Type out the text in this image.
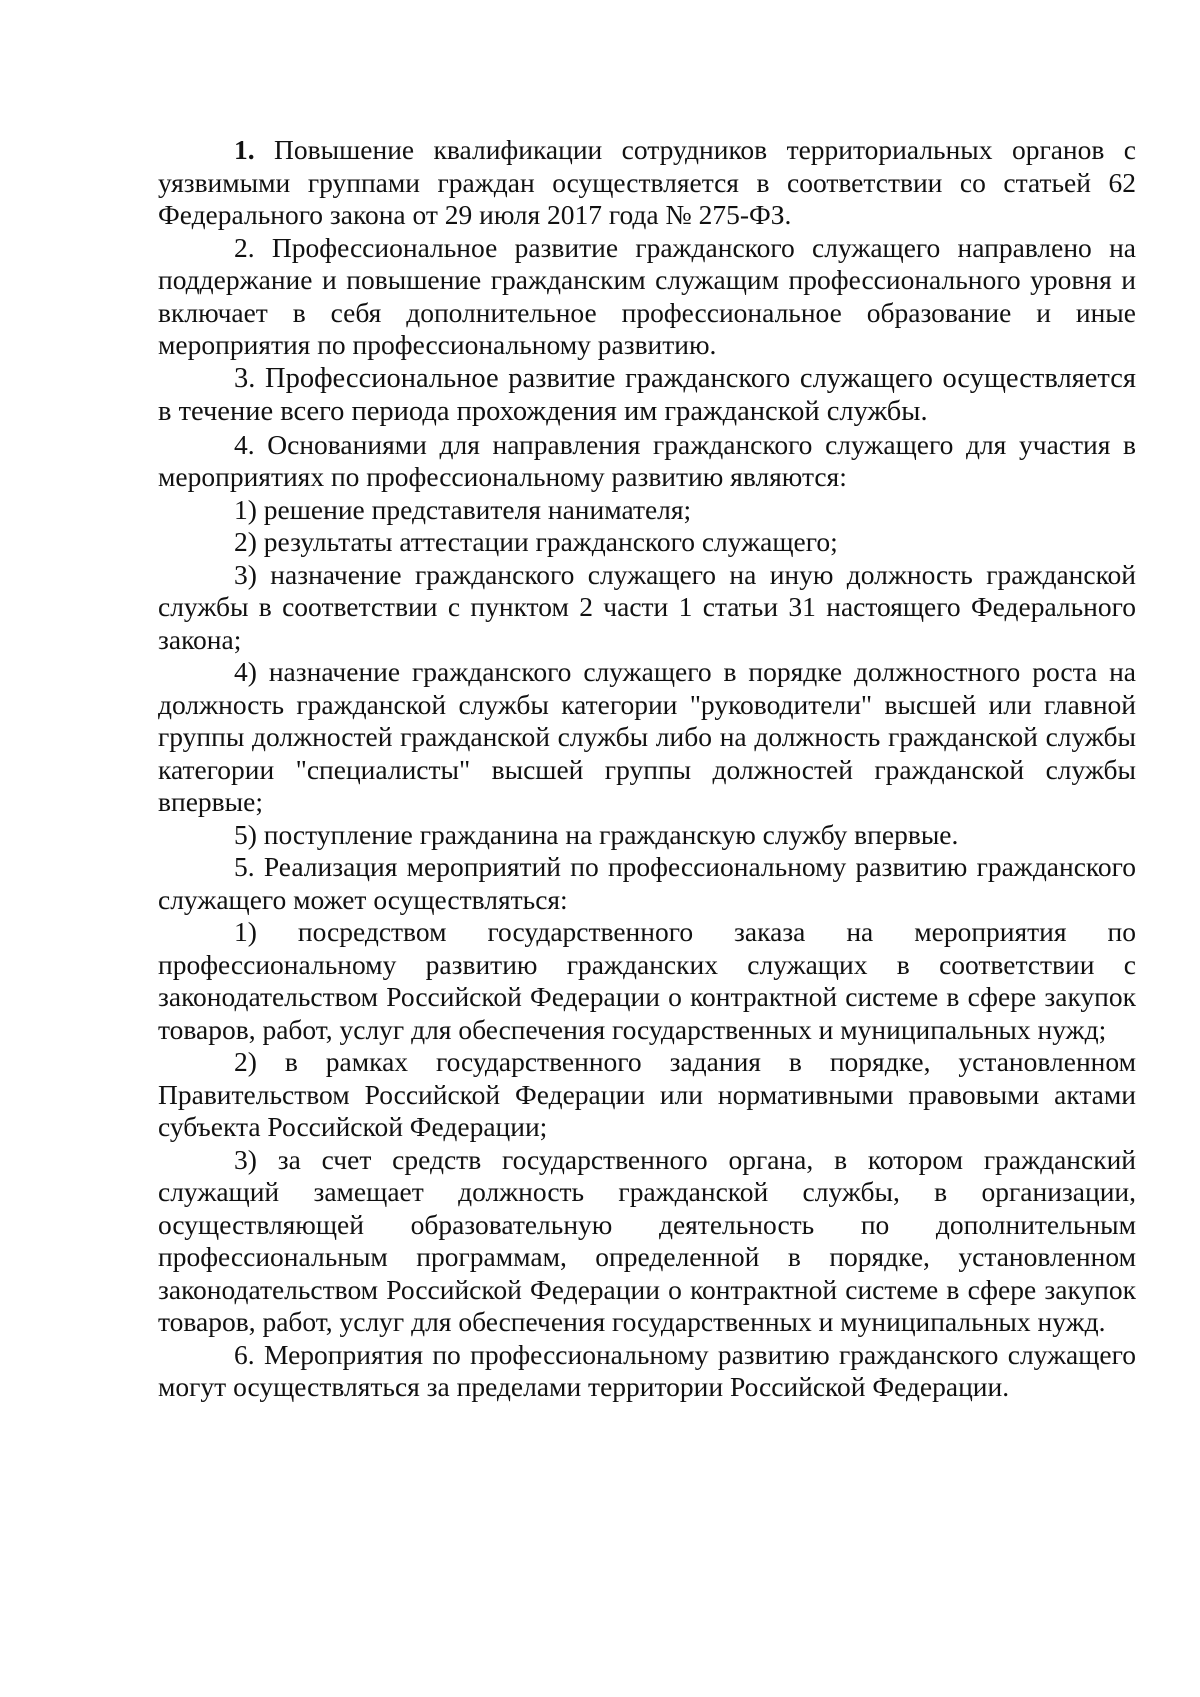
1. Повышение квалификации сотрудников территориальных органов с уязвимыми группами граждан осуществляется в соответствии со статьей 62 Федерального закона от 29 июля 2017 года № 275-ФЗ.

2. Профессиональное развитие гражданского служащего направлено на поддержание и повышение гражданским служащим профессионального уровня и включает в себя дополнительное профессиональное образование и иные мероприятия по профессиональному развитию.

3. Профессиональное развитие гражданского служащего осуществляется в течение всего периода прохождения им гражданской службы.

4. Основаниями для направления гражданского служащего для участия в мероприятиях по профессиональному развитию являются:

1) решение представителя нанимателя;

2) результаты аттестации гражданского служащего;

3) назначение гражданского служащего на иную должность гражданской службы в соответствии с пунктом 2 части 1 статьи 31 настоящего Федерального закона;

4) назначение гражданского служащего в порядке должностного роста на должность гражданской службы категории "руководители" высшей или главной группы должностей гражданской службы либо на должность гражданской службы категории "специалисты" высшей группы должностей гражданской службы впервые;

5) поступление гражданина на гражданскую службу впервые.

5. Реализация мероприятий по профессиональному развитию гражданского служащего может осуществляться:

1) посредством государственного заказа на мероприятия по профессиональному развитию гражданских служащих в соответствии с законодательством Российской Федерации о контрактной системе в сфере закупок товаров, работ, услуг для обеспечения государственных и муниципальных нужд;

2) в рамках государственного задания в порядке, установленном Правительством Российской Федерации или нормативными правовыми актами субъекта Российской Федерации;

3) за счет средств государственного органа, в котором гражданский служащий замещает должность гражданской службы, в организации, осуществляющей образовательную деятельность по дополнительным профессиональным программам, определенной в порядке, установленном законодательством Российской Федерации о контрактной системе в сфере закупок товаров, работ, услуг для обеспечения государственных и муниципальных нужд.

6. Мероприятия по профессиональному развитию гражданского служащего могут осуществляться за пределами территории Российской Федерации.
